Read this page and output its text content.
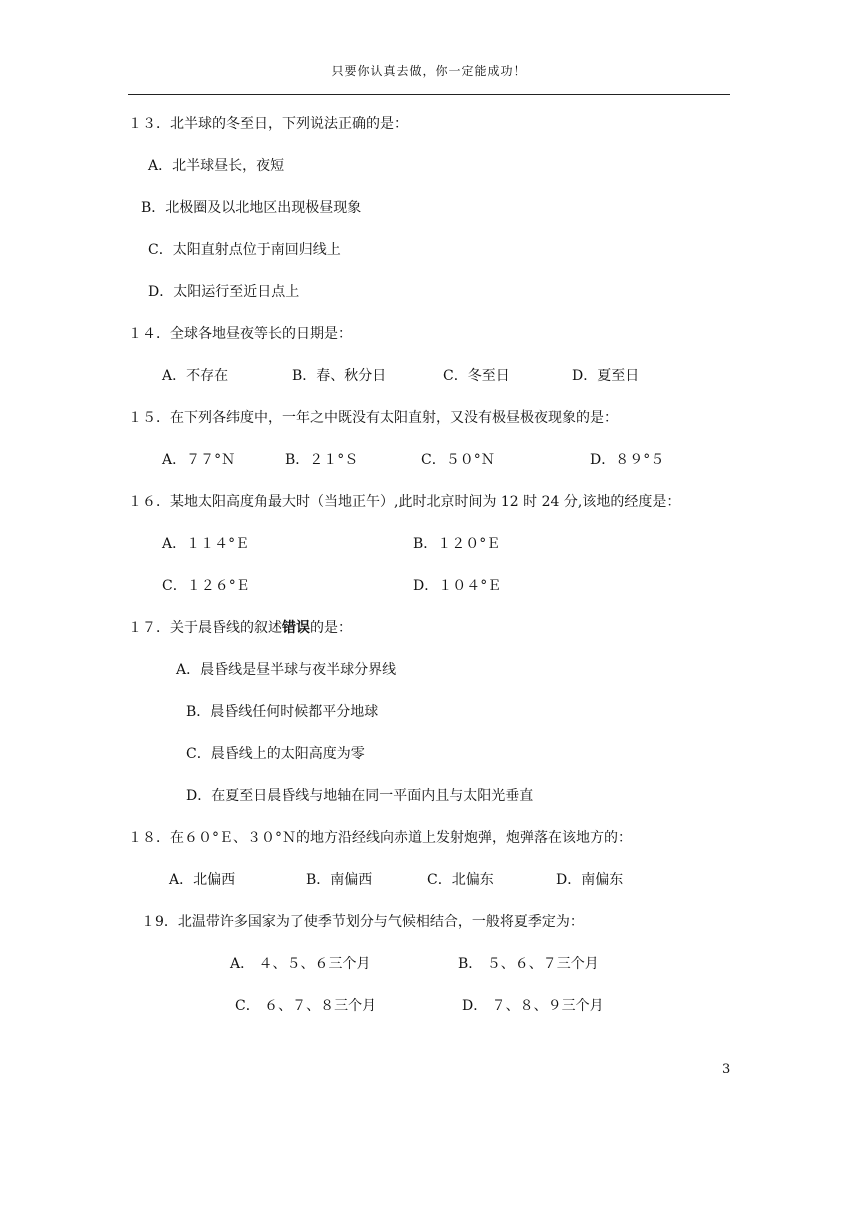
只要你认真去做，你一定能成功！
１３．北半球的冬至日，下列说法正确的是：
A．北半球昼长，夜短
B．北极圈及以北地区出现极昼现象
C．太阳直射点位于南回归线上
D．太阳运行至近日点上
１４．全球各地昼夜等长的日期是：
A．不存在	B．春、秋分日	C．冬至日	D．夏至日
１５．在下列各纬度中，一年之中既没有太阳直射，又没有极昼极夜现象的是：
A．７７°Ｎ	B．２１°Ｓ	C．５０°Ｎ	D．８９°５
１６．某地太阳高度角最大时（当地正午）,此时北京时间为 12 时 24 分,该地的经度是：
A．１１４°Ｅ	B．１２０°Ｅ
C．１２６°Ｅ	D．１０４°Ｅ
１７．关于晨昏线的叙述错误的是：
A．晨昏线是昼半球与夜半球分界线
B．晨昏线任何时候都平分地球
C．晨昏线上的太阳高度为零
D．在夏至日晨昏线与地轴在同一平面内且与太阳光垂直
１８．在６０°Ｅ、３０°Ｎ的地方沿经线向赤道上发射炮弹，炮弹落在该地方的：
A．北偏西	B．南偏西	C．北偏东	D．南偏东
１9．北温带许多国家为了使季节划分与气候相结合，一般将夏季定为：
A． ４、５、６三个月	B． ５、６、７三个月
C． ６、７、８三个月	D． ７、８、９三个月
3
